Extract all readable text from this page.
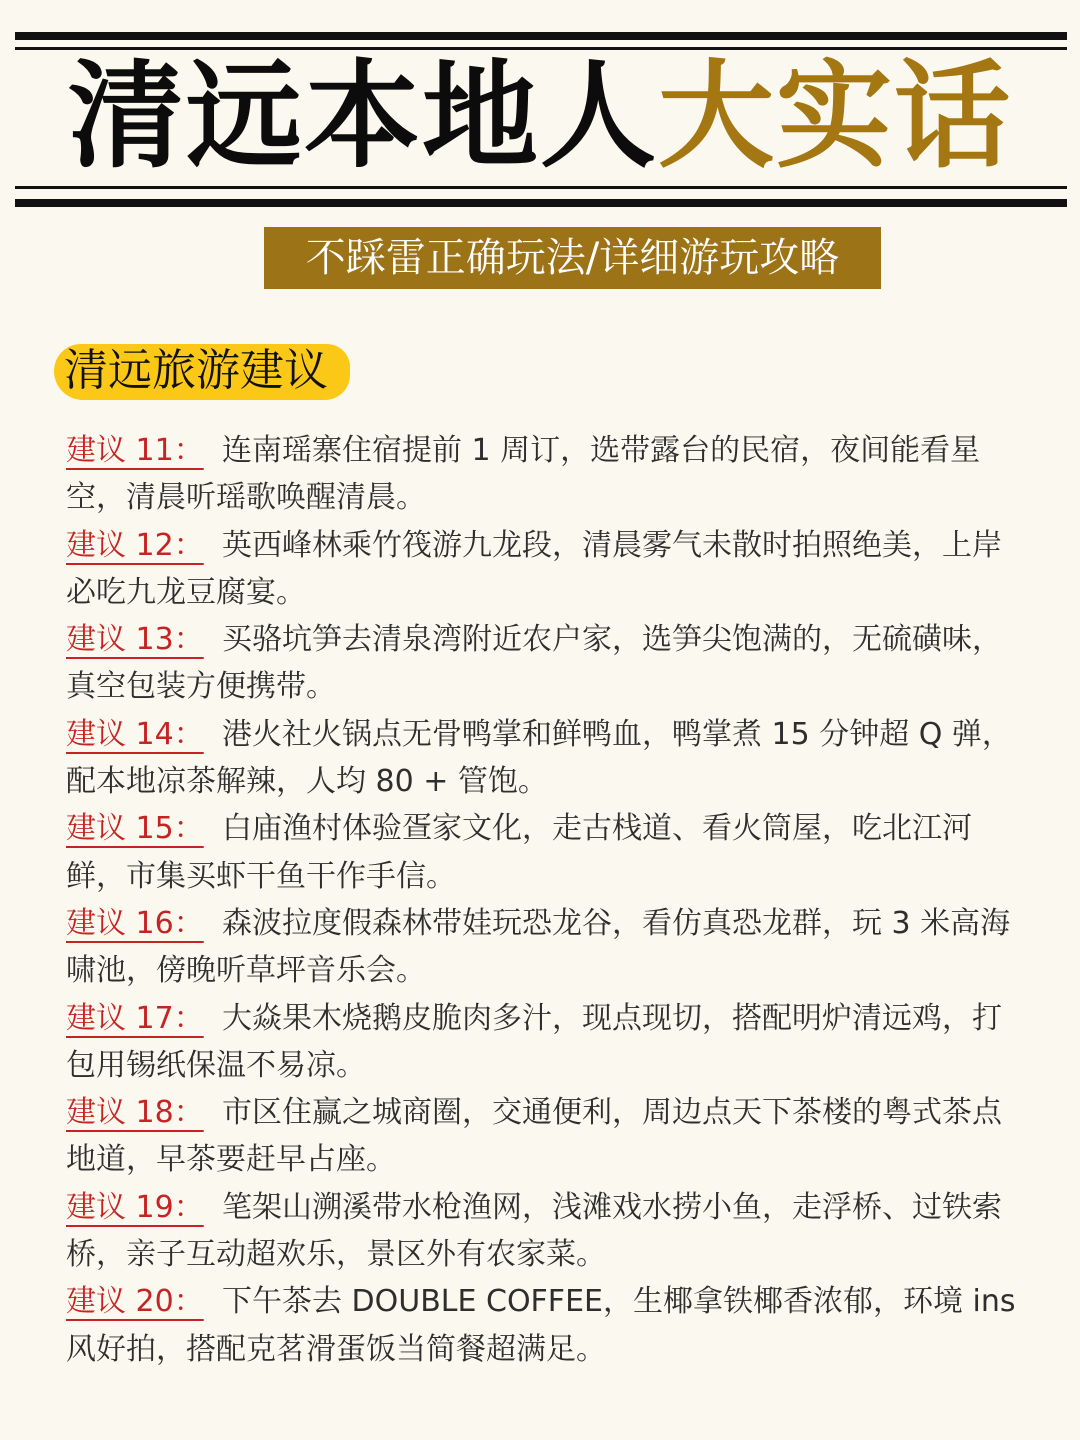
清远本地人大实话
不踩雷正确玩法/详细游玩攻略
清远旅游建议
建议 11： 连南瑶寨住宿提前 1 周订，选带露台的民宿，夜间能看星空，清晨听瑶歌唤醒清晨。
建议 12： 英西峰林乘竹筏游九龙段，清晨雾气未散时拍照绝美，上岸必吃九龙豆腐宴。
建议 13： 买骆坑笋去清泉湾附近农户家，选笋尖饱满的，无硫磺味，真空包装方便携带。
建议 14： 港火社火锅点无骨鸭掌和鲜鸭血，鸭掌煮 15 分钟超 Q 弹，配本地凉茶解辣，人均 80 + 管饱。
建议 15： 白庙渔村体验疍家文化，走古栈道、看火筒屋，吃北江河鲜，市集买虾干鱼干作手信。
建议 16： 森波拉度假森林带娃玩恐龙谷，看仿真恐龙群，玩 3 米高海啸池，傍晚听草坪音乐会。
建议 17： 大焱果木烧鹅皮脆肉多汁，现点现切，搭配明炉清远鸡，打包用锡纸保温不易凉。
建议 18： 市区住赢之城商圈，交通便利，周边点天下茶楼的粤式茶点地道，早茶要赶早占座。
建议 19： 笔架山溯溪带水枪渔网，浅滩戏水捞小鱼，走浮桥、过铁索桥，亲子互动超欢乐，景区外有农家菜。
建议 20： 下午茶去 DOUBLE COFFEE，生椰拿铁椰香浓郁，环境 ins 风好拍，搭配克茗滑蛋饭当简餐超满足。
